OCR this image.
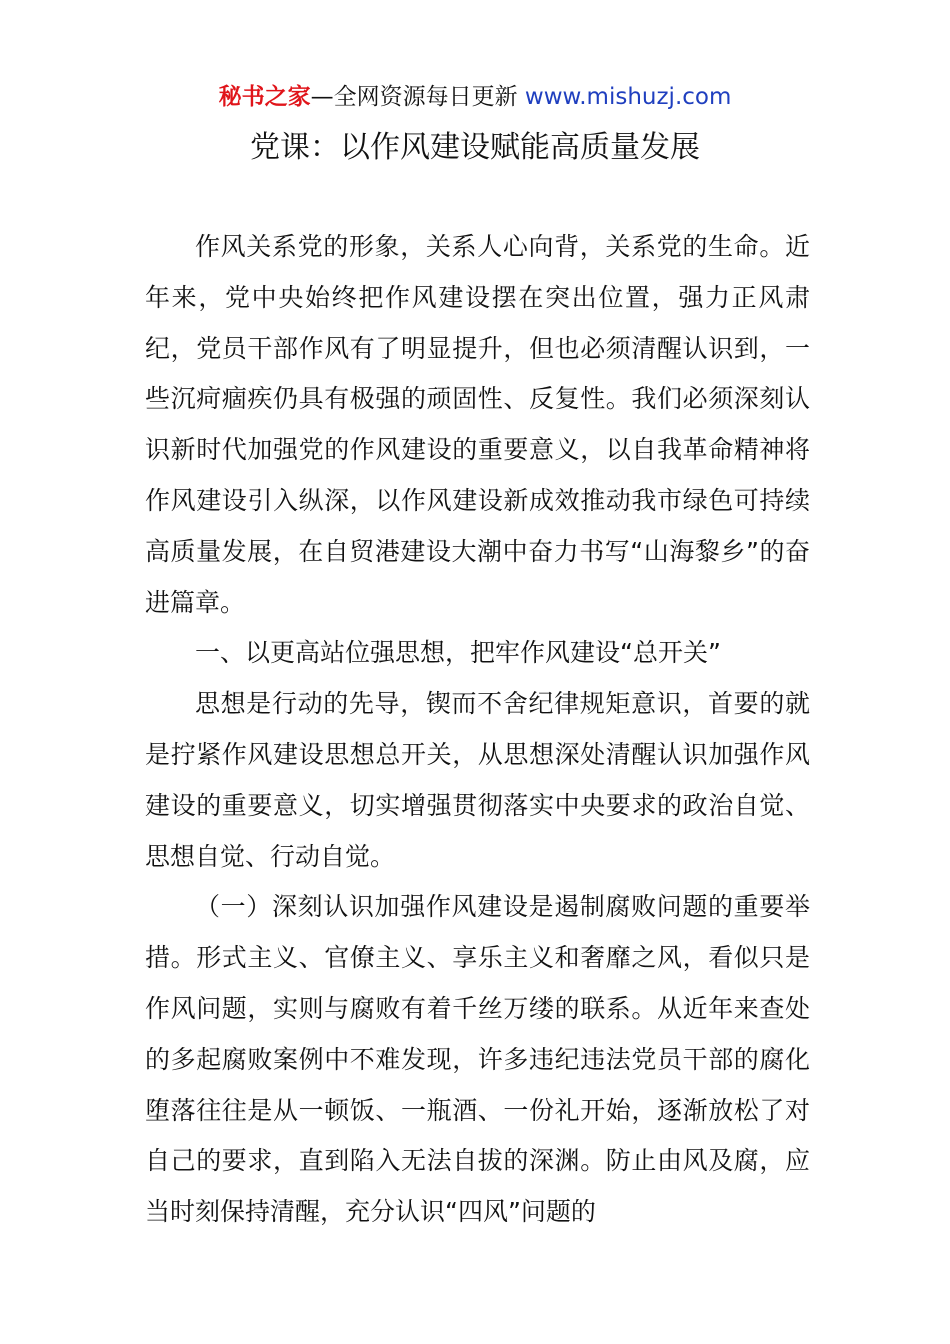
秘书之家—全网资源每日更新 www.mishuzj.com
党课：以作风建设赋能高质量发展

作风关系党的形象，关系人心向背，关系党的生命。近年来，党中央始终把作风建设摆在突出位置，强力正风肃纪，党员干部作风有了明显提升，但也必须清醒认识到，一些沉疴痼疾仍具有极强的顽固性、反复性。我们必须深刻认识新时代加强党的作风建设的重要意义，以自我革命精神将作风建设引入纵深，以作风建设新成效推动我市绿色可持续高质量发展，在自贸港建设大潮中奋力书写“山海黎乡”的奋进篇章。

一、以更高站位强思想，把牢作风建设“总开关”

思想是行动的先导，锲而不舍纪律规矩意识，首要的就是拧紧作风建设思想总开关，从思想深处清醒认识加强作风建设的重要意义，切实增强贯彻落实中央要求的政治自觉、思想自觉、行动自觉。

（一）深刻认识加强作风建设是遏制腐败问题的重要举措。形式主义、官僚主义、享乐主义和奢靡之风，看似只是作风问题，实则与腐败有着千丝万缕的联系。从近年来查处的多起腐败案例中不难发现，许多违纪违法党员干部的腐化堕落往往是从一顿饭、一瓶酒、一份礼开始，逐渐放松了对自己的要求，直到陷入无法自拔的深渊。防止由风及腐，应当时刻保持清醒，充分认识“四风”问题的
